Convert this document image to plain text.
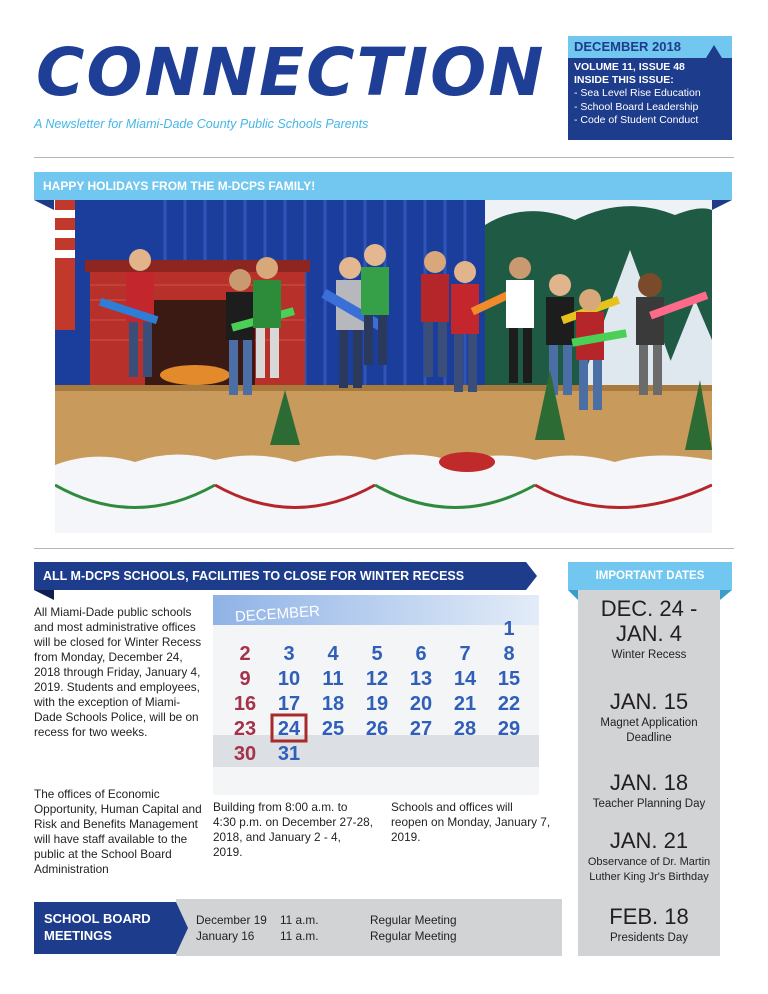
CONNECTION
A Newsletter for Miami-Dade County Public Schools Parents
DECEMBER 2018
VOLUME 11, ISSUE 48
INSIDE THIS ISSUE:
- Sea Level Rise Education
- School Board Leadership
- Code of Student Conduct
HAPPY HOLIDAYS FROM THE M-DCPS FAMILY!
ALL M-DCPS SCHOOLS, FACILITIES TO CLOSE FOR WINTER RECESS
All Miami-Dade public schools and most administrative offices will be closed for Winter Recess from Monday, December 24, 2018 through Friday, January 4, 2019. Students and employees, with the exception of Miami-Dade Schools Police, will be on recess for two weeks.
The offices of Economic Opportunity, Human Capital and Risk and Benefits Management will have staff available to the public at the School Board Administration
Building from 8:00 a.m. to 4:30 p.m. on December 27-28, 2018, and January 2 - 4, 2019.
Schools and offices will reopen on Monday, January 7, 2019.
DECEMBER
1
2 3 4 5 6 7 8
9 10 11 12 13 14 15
16 17 18 19 20 21 22
23 24 25 26 27 28 29
30 31
IMPORTANT DATES
DEC. 24 - JAN. 4
Winter Recess
JAN. 15
Magnet Application Deadline
JAN. 18
Teacher Planning Day
JAN. 21
Observance of Dr. Martin Luther King Jr's Birthday
FEB. 18
Presidents Day
December 19 11 a.m.	Regular Meeting
January 16 11 a.m.	Regular Meeting
SCHOOL BOARD MEETINGS
